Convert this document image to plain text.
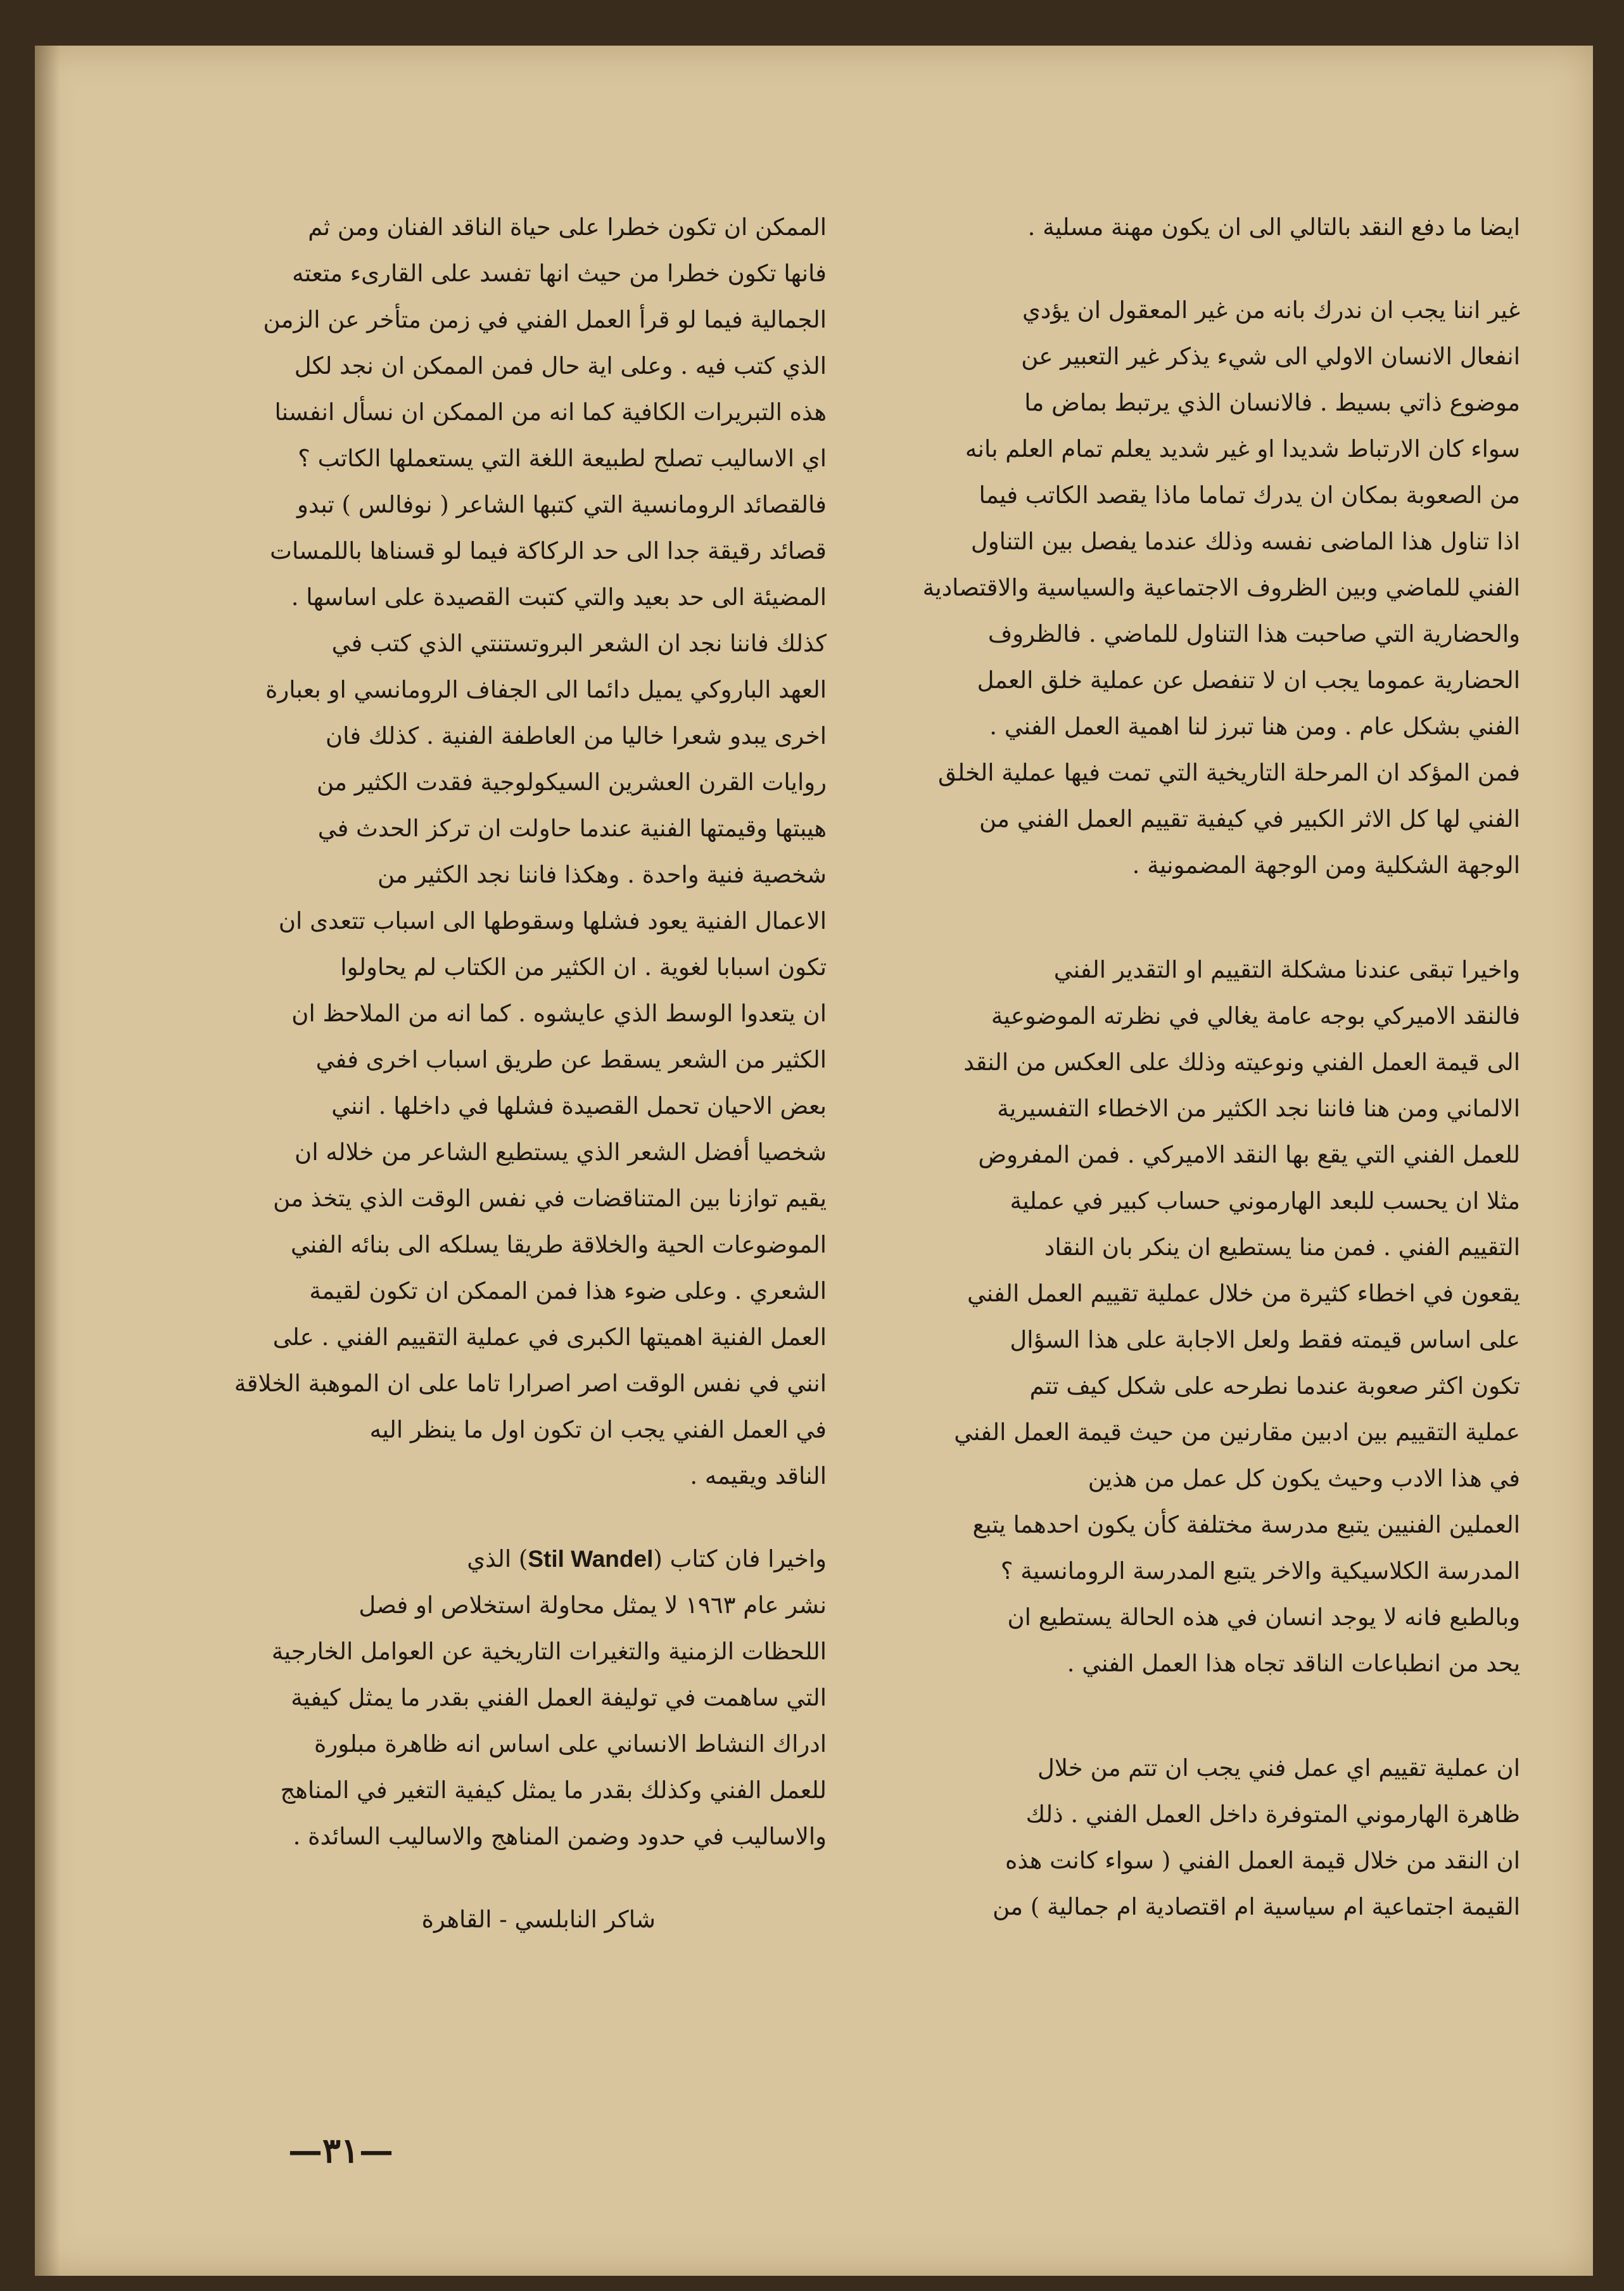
ايضا ما دفع النقد بالتالي الى ان يكون مهنة مسلية .

غير اننا يجب ان ندرك بانه من غير المعقول ان يؤدي
انفعال الانسان الاولي الى شيء يذكر غير التعبير عن
موضوع ذاتي بسيط . فالانسان الذي يرتبط بماض ما
سواء كان الارتباط شديدا او غير شديد يعلم تمام العلم بانه
من الصعوبة بمكان ان يدرك تماما ماذا يقصد الكاتب فيما
اذا تناول هذا الماضى نفسه وذلك عندما يفصل بين التناول
الفني للماضي وبين الظروف الاجتماعية والسياسية والاقتصادية
والحضارية التي صاحبت هذا التناول للماضي . فالظروف
الحضارية عموما يجب ان لا تنفصل عن عملية خلق العمل
الفني بشكل عام . ومن هنا تبرز لنا اهمية العمل الفني .
فمن المؤكد ان المرحلة التاريخية التي تمت فيها عملية الخلق
الفني لها كل الاثر الكبير في كيفية تقييم العمل الفني من
الوجهة الشكلية ومن الوجهة المضمونية .

واخيرا تبقى عندنا مشكلة التقييم او التقدير الفني
فالنقد الاميركي بوجه عامة يغالي في نظرته الموضوعية
الى قيمة العمل الفني ونوعيته وذلك على العكس من النقد
الالماني ومن هنا فاننا نجد الكثير من الاخطاء التفسيرية
للعمل الفني التي يقع بها النقد الاميركي . فمن المفروض
مثلا ان يحسب للبعد الهارموني حساب كبير في عملية
التقييم الفني . فمن منا يستطيع ان ينكر بان النقاد
يقعون في اخطاء كثيرة من خلال عملية تقييم العمل الفني
على اساس قيمته فقط ولعل الاجابة على هذا السؤال
تكون اكثر صعوبة عندما نطرحه على شكل كيف تتم
عملية التقييم بين ادبين مقارنين من حيث قيمة العمل الفني
في هذا الادب وحيث يكون كل عمل من هذين
العملين الفنيين يتبع مدرسة مختلفة كأن يكون احدهما يتبع
المدرسة الكلاسيكية والاخر يتبع المدرسة الرومانسية ؟
وبالطبع فانه لا يوجد انسان في هذه الحالة يستطيع ان
يحد من انطباعات الناقد تجاه هذا العمل الفني .

ان عملية تقييم اي عمل فني يجب ان تتم من خلال
ظاهرة الهارموني المتوفرة داخل العمل الفني . ذلك
ان النقد من خلال قيمة العمل الفني ( سواء كانت هذه
القيمة اجتماعية ام سياسية ام اقتصادية ام جمالية ) من

الممكن ان تكون خطرا على حياة الناقد الفنان ومن ثم
فانها تكون خطرا من حيث انها تفسد على القارىء متعته
الجمالية فيما لو قرأ العمل الفني في زمن متأخر عن الزمن
الذي كتب فيه . وعلى اية حال فمن الممكن ان نجد لكل
هذه التبريرات الكافية كما انه من الممكن ان نسأل انفسنا
اي الاساليب تصلح لطبيعة اللغة التي يستعملها الكاتب ؟
فالقصائد الرومانسية التي كتبها الشاعر ( نوفالس ) تبدو
قصائد رقيقة جدا الى حد الركاكة فيما لو قسناها باللمسات
المضيئة الى حد بعيد والتي كتبت القصيدة على اساسها .
كذلك فاننا نجد ان الشعر البروتستنتي الذي كتب في
العهد الباروكي يميل دائما الى الجفاف الرومانسي او بعبارة
اخرى يبدو شعرا خاليا من العاطفة الفنية . كذلك فان
روايات القرن العشرين السيكولوجية فقدت الكثير من
هيبتها وقيمتها الفنية عندما حاولت ان تركز الحدث في
شخصية فنية واحدة . وهكذا فاننا نجد الكثير من
الاعمال الفنية يعود فشلها وسقوطها الى اسباب تتعدى ان
تكون اسبابا لغوية . ان الكثير من الكتاب لم يحاولوا
ان يتعدوا الوسط الذي عايشوه . كما انه من الملاحظ ان
الكثير من الشعر يسقط عن طريق اسباب اخرى ففي
بعض الاحيان تحمل القصيدة فشلها في داخلها . انني
شخصيا أفضل الشعر الذي يستطيع الشاعر من خلاله ان
يقيم توازنا بين المتناقضات في نفس الوقت الذي يتخذ من
الموضوعات الحية والخلاقة طريقا يسلكه الى بنائه الفني
الشعري . وعلى ضوء هذا فمن الممكن ان تكون لقيمة
العمل الفنية اهميتها الكبرى في عملية التقييم الفني . على
انني في نفس الوقت اصر اصرارا تاما على ان الموهبة الخلاقة
في العمل الفني يجب ان تكون اول ما ينظر اليه
الناقد ويقيمه .

واخيرا فان كتاب (Stil Wandel) الذي
نشر عام ١٩٦٣ لا يمثل محاولة استخلاص او فصل
اللحظات الزمنية والتغيرات التاريخية عن العوامل الخارجية
التي ساهمت في توليفة العمل الفني بقدر ما يمثل كيفية
ادراك النشاط الانساني على اساس انه ظاهرة مبلورة
للعمل الفني وكذلك بقدر ما يمثل كيفية التغير في المناهج
والاساليب في حدود وضمن المناهج والاساليب السائدة .

شاكر النابلسي - القاهرة

—٣١—
